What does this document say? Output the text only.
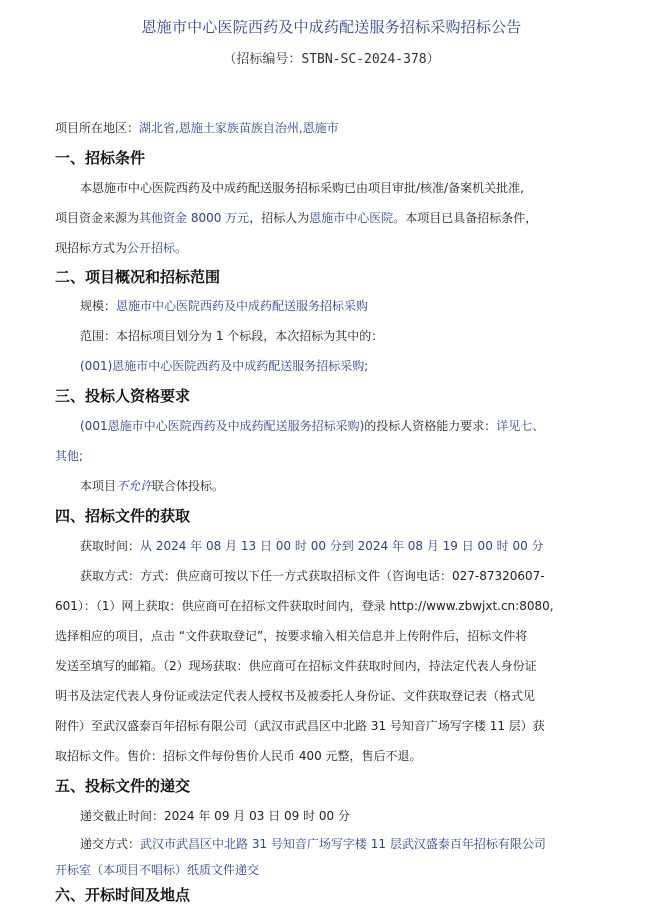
恩施市中心医院西药及中成药配送服务招标采购招标公告
（招标编号：STBN-SC-2024-378）
项目所在地区：湖北省,恩施土家族苗族自治州,恩施市
一、招标条件
本恩施市中心医院西药及中成药配送服务招标采购已由项目审批/核准/备案机关批准,
项目资金来源为其他资金 8000 万元，招标人为恩施市中心医院。本项目已具备招标条件，
现招标方式为公开招标。
二、项目概况和招标范围
规模：恩施市中心医院西药及中成药配送服务招标采购
范围：本招标项目划分为 1 个标段，本次招标为其中的：
(001)恩施市中心医院西药及中成药配送服务招标采购;
三、投标人资格要求
(001恩施市中心医院西药及中成药配送服务招标采购)的投标人资格能力要求：详见七、
其他;
本项目不允许联合体投标。
四、招标文件的获取
获取时间：从 2024 年 08 月 13 日 00 时 00 分到 2024 年 08 月 19 日 00 时 00 分
获取方式：方式：供应商可按以下任一方式获取招标文件（咨询电话：027-87320607-
601）：（1）网上获取：供应商可在招标文件获取时间内，登录 http://www.zbwjxt.cn:8080,
选择相应的项目，点击 “文件获取登记”，按要求输入相关信息并上传附件后，招标文件将
发送至填写的邮箱。（2）现场获取：供应商可在招标文件获取时间内，持法定代表人身份证
明书及法定代表人身份证或法定代表人授权书及被委托人身份证、文件获取登记表（格式见
附件）至武汉盛泰百年招标有限公司（武汉市武昌区中北路 31 号知音广场写字楼 11 层）获
取招标文件。售价：招标文件每份售价人民币 400 元整，售后不退。
五、投标文件的递交
递交截止时间：2024 年 09 月 03 日 09 时 00 分
递交方式：武汉市武昌区中北路 31 号知音广场写字楼 11 层武汉盛泰百年招标有限公司
开标室（本项目不唱标）纸质文件递交
六、开标时间及地点
